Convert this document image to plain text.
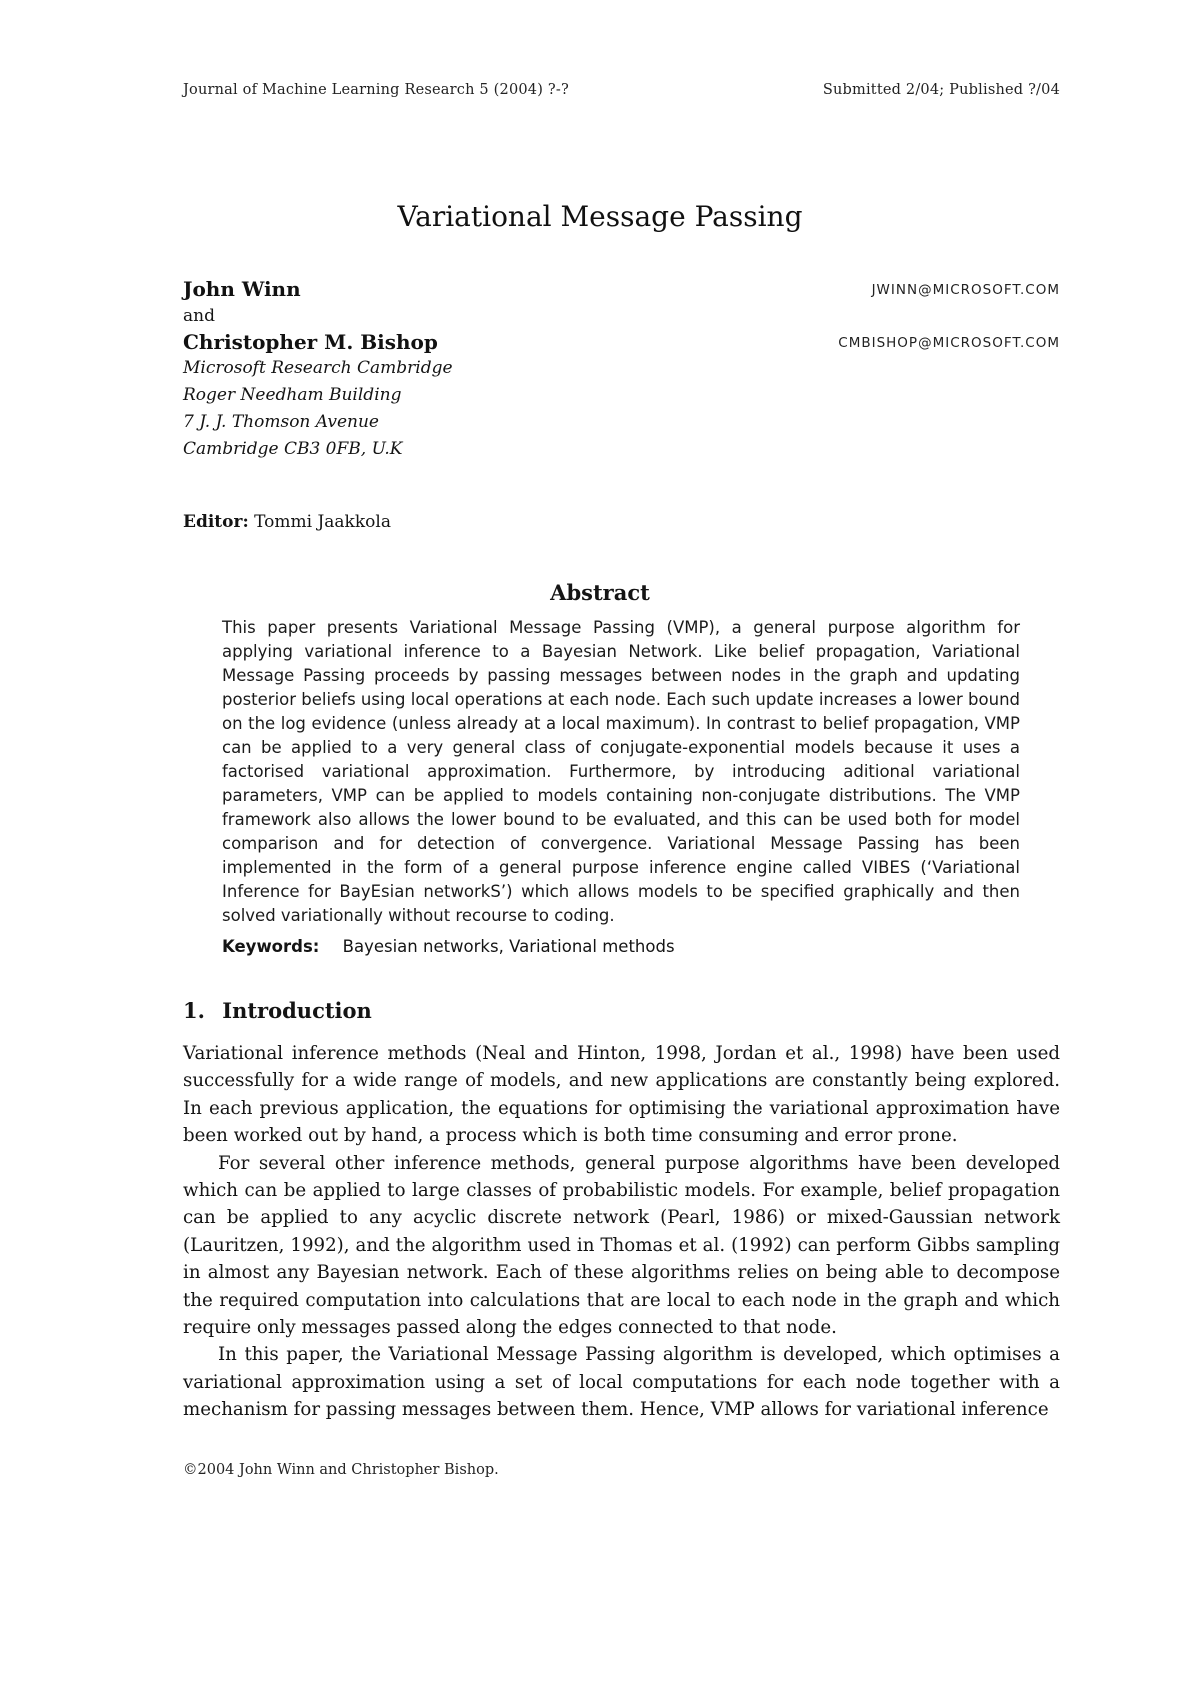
Journal of Machine Learning Research 5 (2004) ?-?	Submitted 2/04; Published ?/04
Variational Message Passing
John Winn	JWINN@MICROSOFT.COM
and
Christopher M. Bishop	CMBISHOP@MICROSOFT.COM
Microsoft Research Cambridge
Roger Needham Building
7 J. J. Thomson Avenue
Cambridge CB3 0FB, U.K
Editor: Tommi Jaakkola
Abstract
This paper presents Variational Message Passing (VMP), a general purpose algorithm for applying variational inference to a Bayesian Network. Like belief propagation, Variational Message Passing proceeds by passing messages between nodes in the graph and updating posterior beliefs using local operations at each node. Each such update increases a lower bound on the log evidence (unless already at a local maximum). In contrast to belief propagation, VMP can be applied to a very general class of conjugate-exponential models because it uses a factorised variational approximation. Furthermore, by introducing aditional variational parameters, VMP can be applied to models containing non-conjugate distributions. The VMP framework also allows the lower bound to be evaluated, and this can be used both for model comparison and for detection of convergence. Variational Message Passing has been implemented in the form of a general purpose inference engine called VIBES (‘Variational Inference for BayEsian networkS’) which allows models to be specified graphically and then solved variationally without recourse to coding.
Keywords: Bayesian networks, Variational methods
1. Introduction

Variational inference methods (Neal and Hinton, 1998, Jordan et al., 1998) have been used successfully for a wide range of models, and new applications are constantly being explored. In each previous application, the equations for optimising the variational approximation have been worked out by hand, a process which is both time consuming and error prone.

For several other inference methods, general purpose algorithms have been developed which can be applied to large classes of probabilistic models. For example, belief propagation can be applied to any acyclic discrete network (Pearl, 1986) or mixed-Gaussian network (Lauritzen, 1992), and the algorithm used in Thomas et al. (1992) can perform Gibbs sampling in almost any Bayesian network. Each of these algorithms relies on being able to decompose the required computation into calculations that are local to each node in the graph and which require only messages passed along the edges connected to that node.

In this paper, the Variational Message Passing algorithm is developed, which optimises a variational approximation using a set of local computations for each node together with a mechanism for passing messages between them. Hence, VMP allows for variational inference

©2004 John Winn and Christopher Bishop.
